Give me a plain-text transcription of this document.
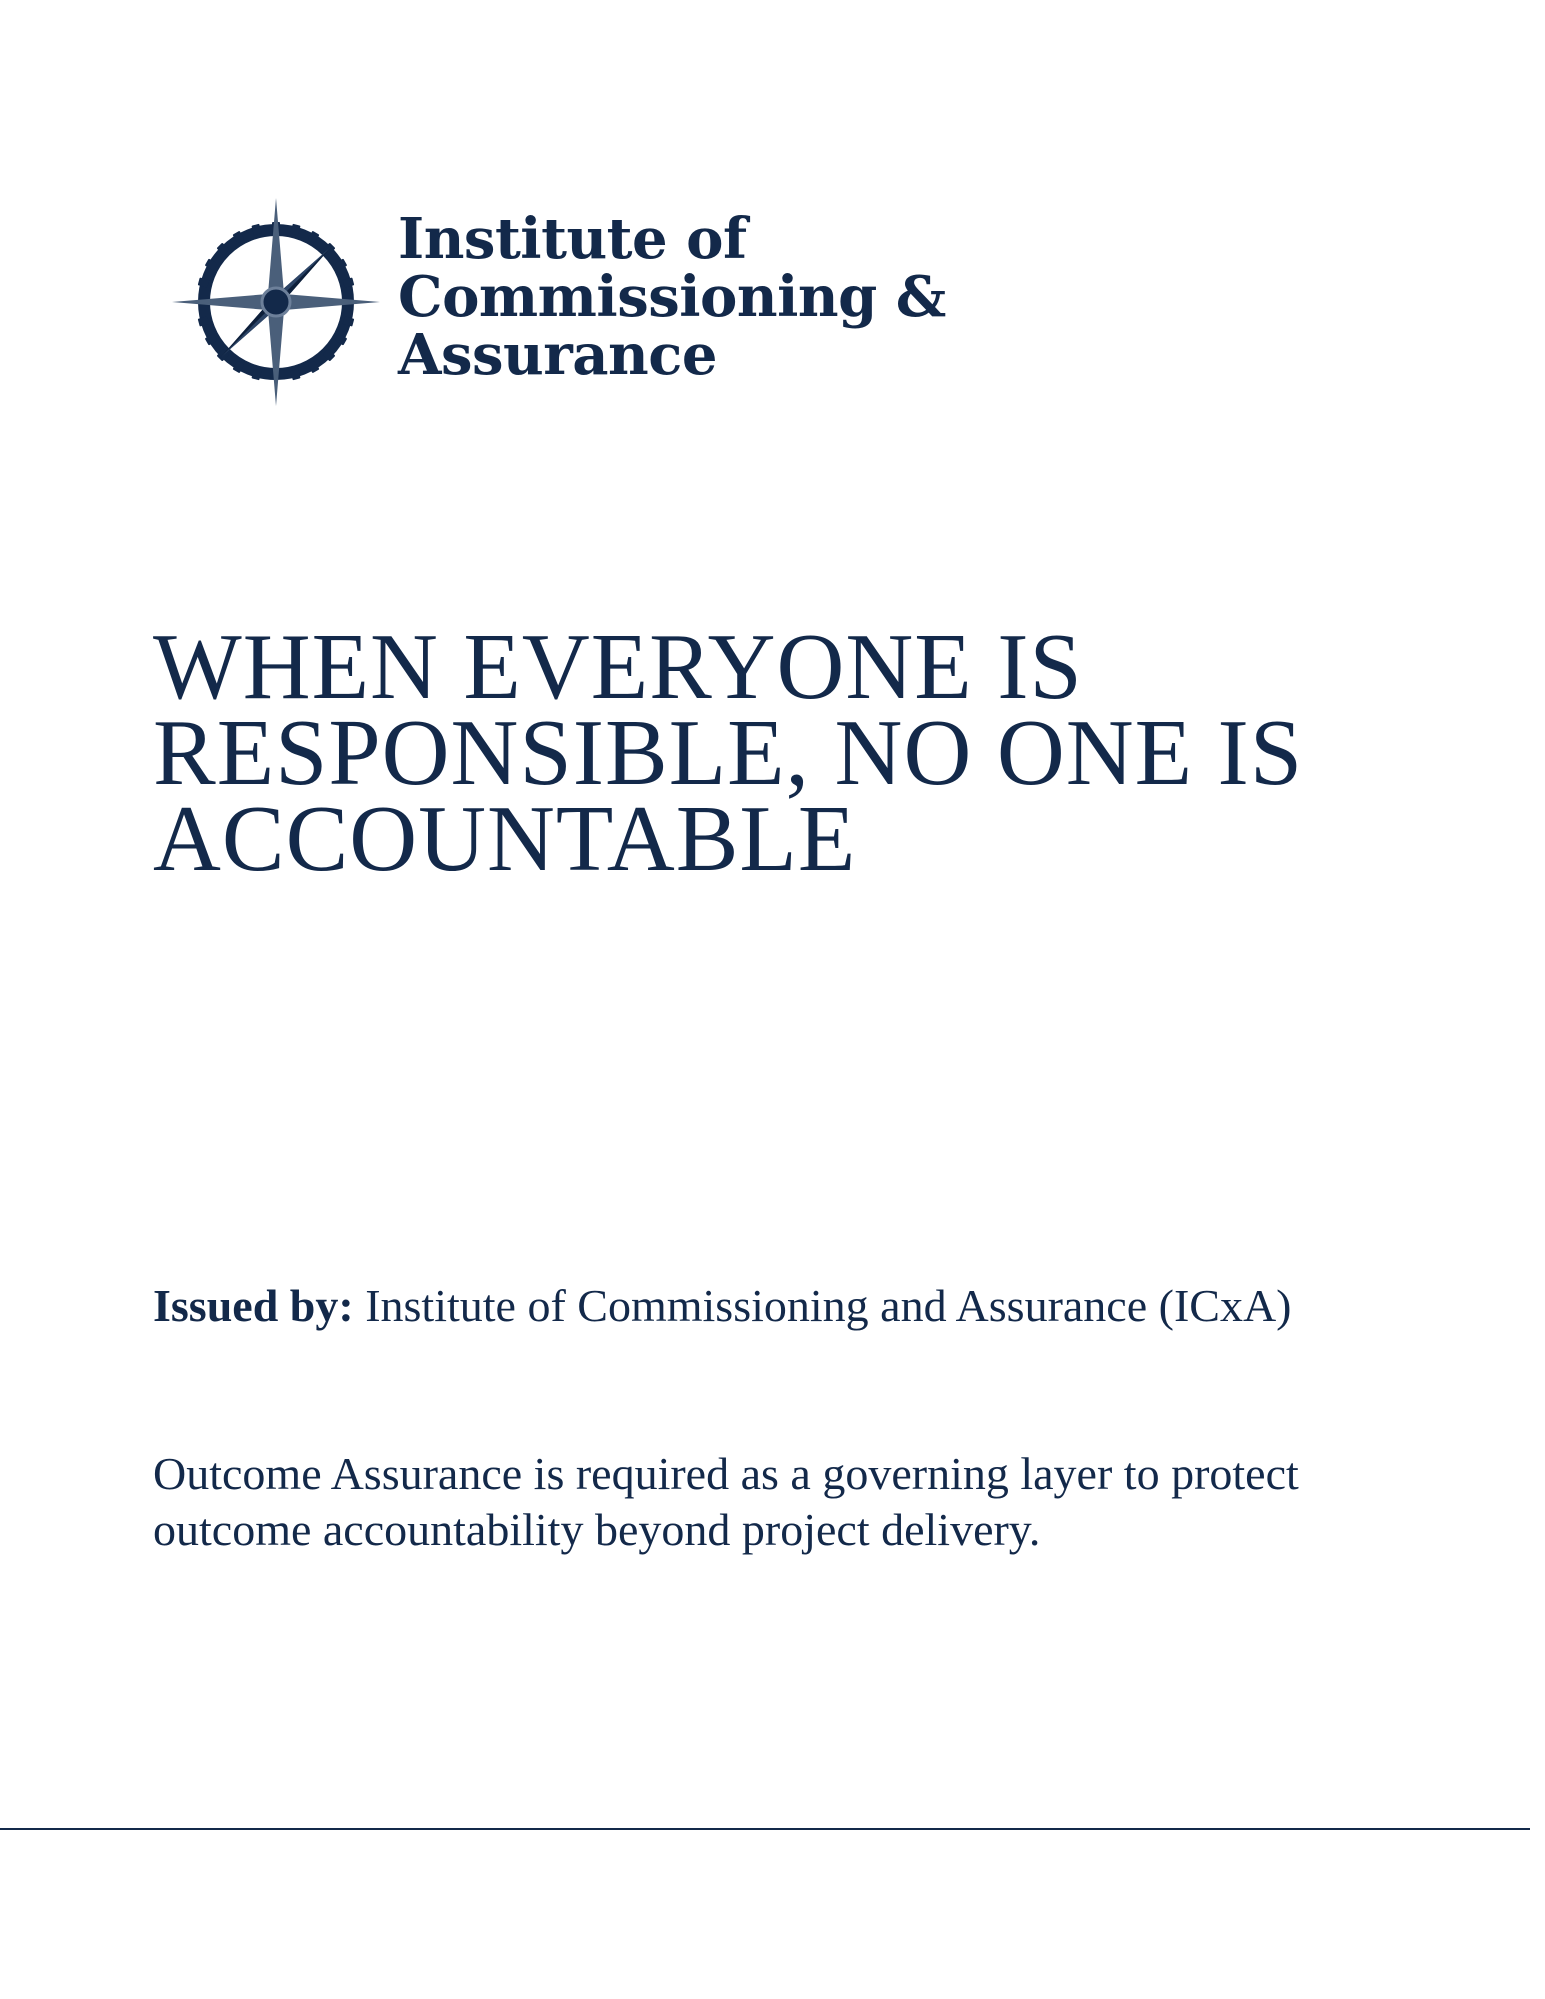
Institute of
Commissioning &
Assurance
WHEN EVERYONE IS
RESPONSIBLE, NO ONE IS
ACCOUNTABLE

Issued by: Institute of Commissioning and Assurance (ICxA)

Outcome Assurance is required as a governing layer to protect outcome accountability beyond project delivery.
